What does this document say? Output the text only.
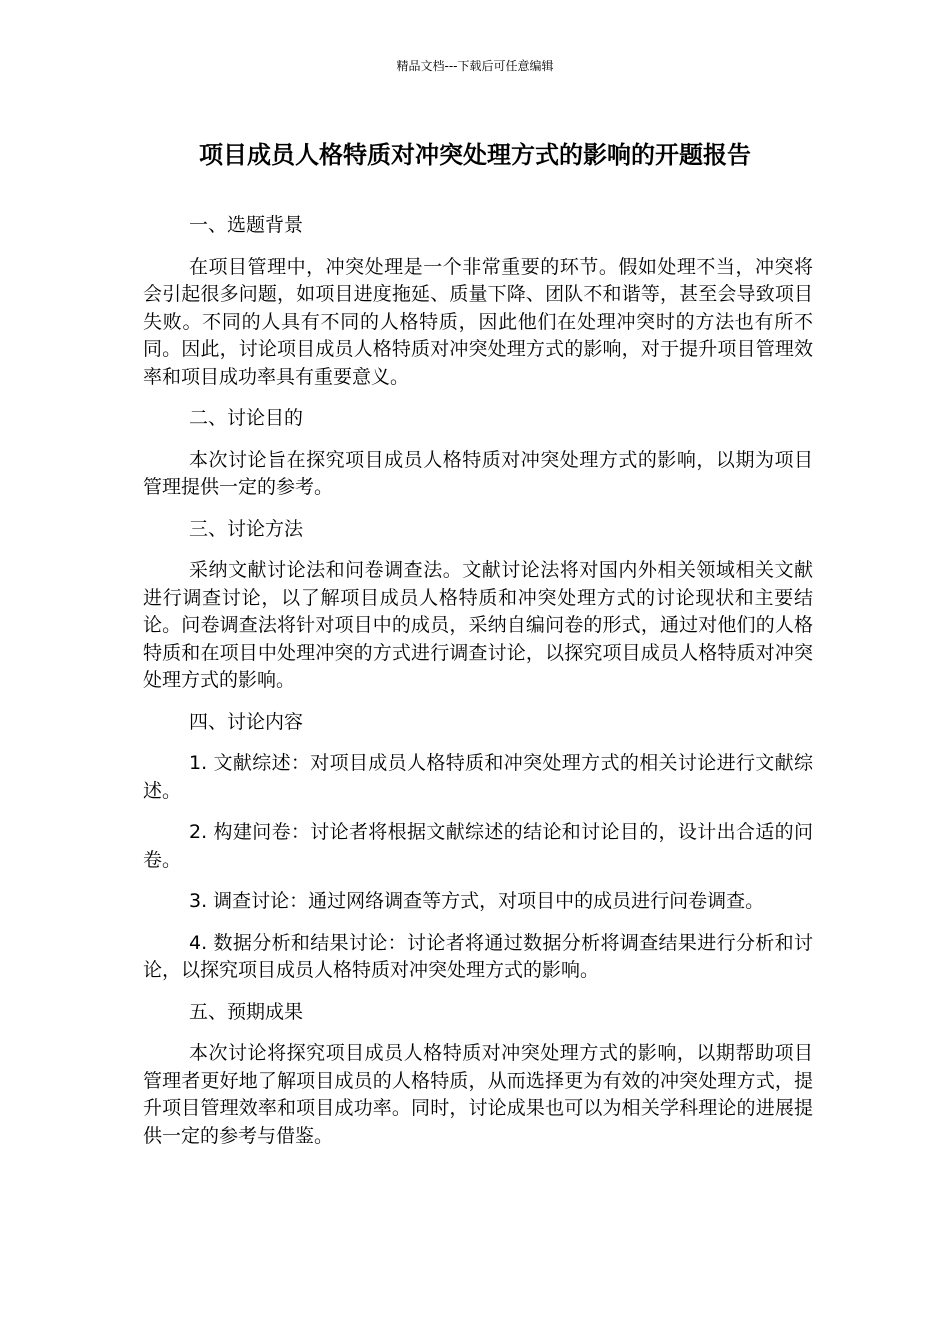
精品文档---下载后可任意编辑
项目成员人格特质对冲突处理方式的影响的开题报告

一、选题背景

在项目管理中，冲突处理是一个非常重要的环节。假如处理不当，冲突将会引起很多问题，如项目进度拖延、质量下降、团队不和谐等，甚至会导致项目失败。不同的人具有不同的人格特质，因此他们在处理冲突时的方法也有所不同。因此，讨论项目成员人格特质对冲突处理方式的影响，对于提升项目管理效率和项目成功率具有重要意义。

二、讨论目的

本次讨论旨在探究项目成员人格特质对冲突处理方式的影响，以期为项目管理提供一定的参考。

三、讨论方法

采纳文献讨论法和问卷调查法。文献讨论法将对国内外相关领域相关文献进行调查讨论，以了解项目成员人格特质和冲突处理方式的讨论现状和主要结论。问卷调查法将针对项目中的成员，采纳自编问卷的形式，通过对他们的人格特质和在项目中处理冲突的方式进行调查讨论，以探究项目成员人格特质对冲突处理方式的影响。

四、讨论内容

1. 文献综述：对项目成员人格特质和冲突处理方式的相关讨论进行文献综述。

2. 构建问卷：讨论者将根据文献综述的结论和讨论目的，设计出合适的问卷。

3. 调查讨论：通过网络调查等方式，对项目中的成员进行问卷调查。

4. 数据分析和结果讨论：讨论者将通过数据分析将调查结果进行分析和讨论，以探究项目成员人格特质对冲突处理方式的影响。

五、预期成果

本次讨论将探究项目成员人格特质对冲突处理方式的影响，以期帮助项目管理者更好地了解项目成员的人格特质，从而选择更为有效的冲突处理方式，提升项目管理效率和项目成功率。同时，讨论成果也可以为相关学科理论的进展提供一定的参考与借鉴。
